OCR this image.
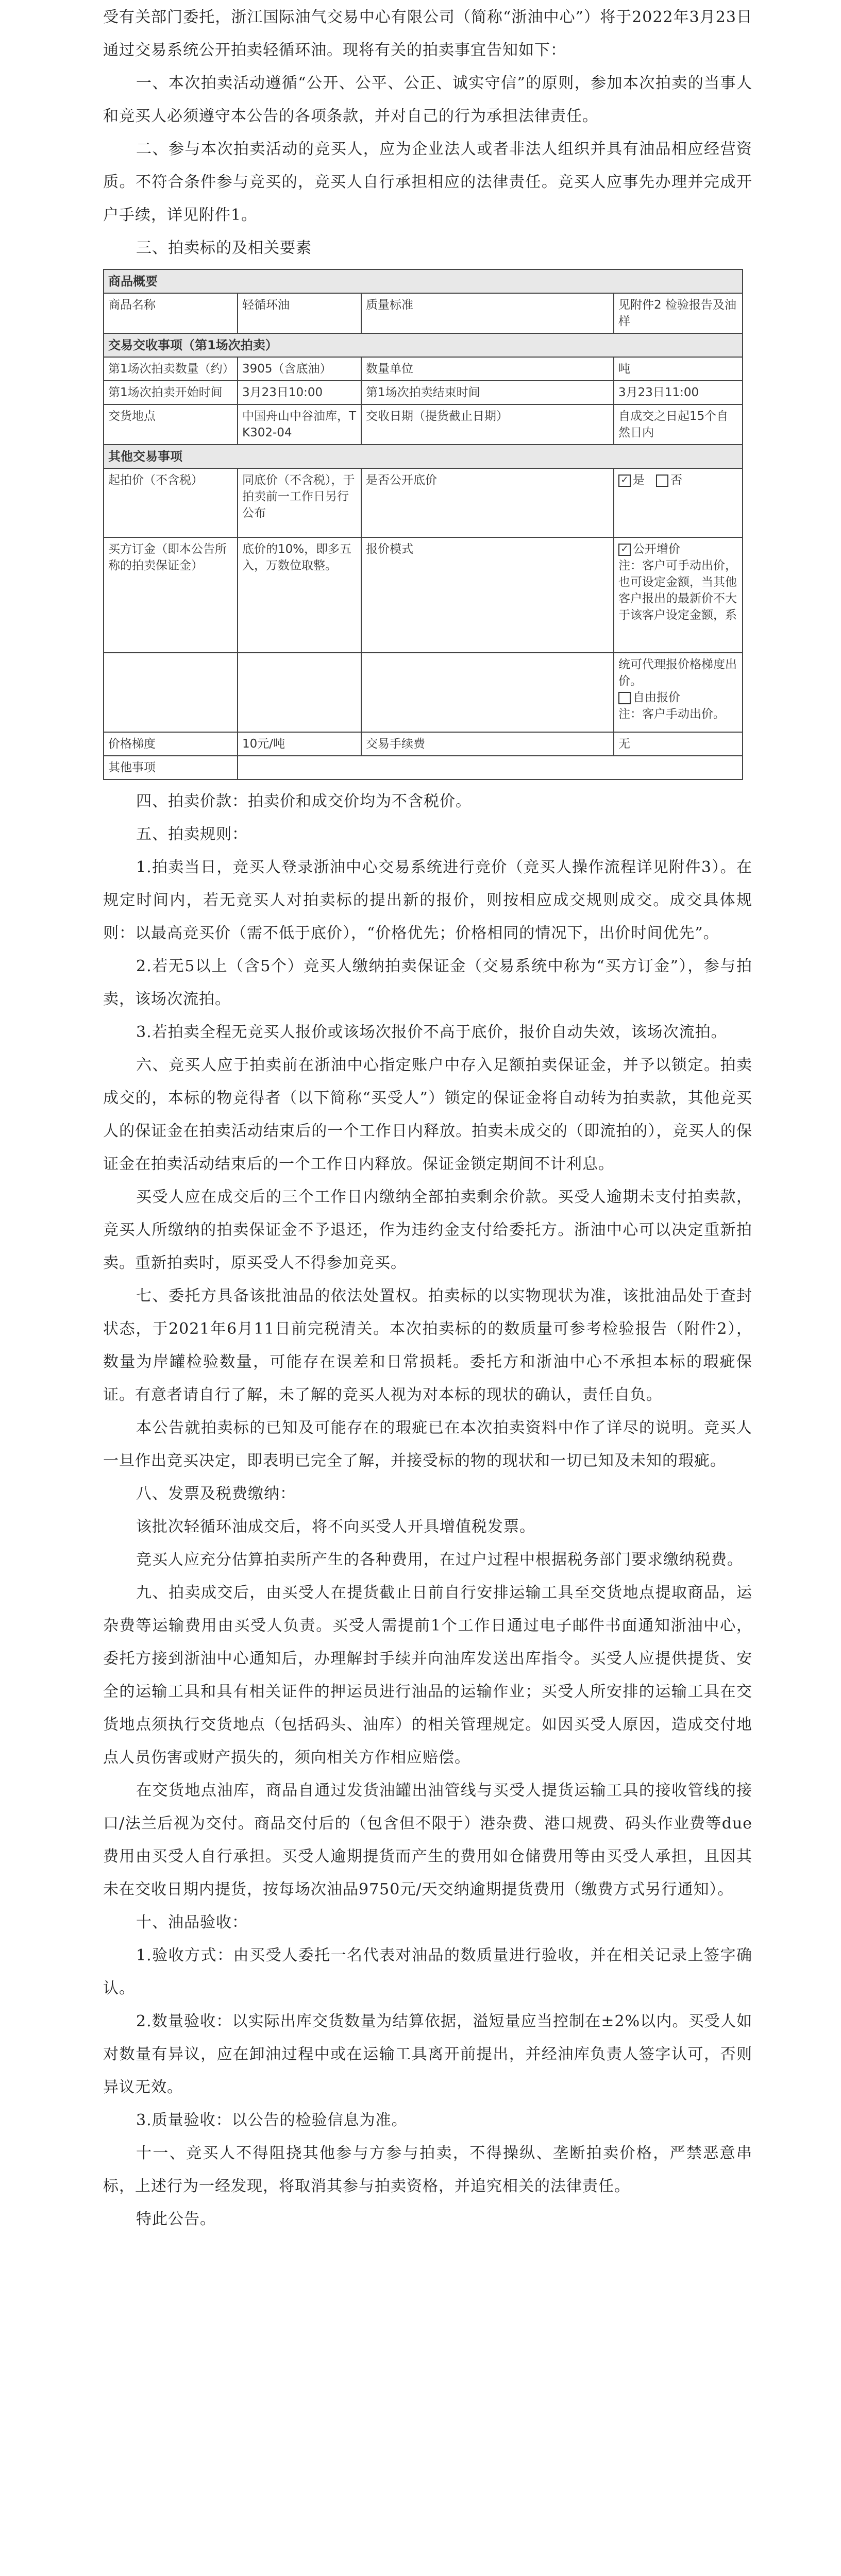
受有关部门委托，浙江国际油气交易中心有限公司（简称“浙油中心”）将于2022年3月23日通过交易系统公开拍卖轻循环油。现将有关的拍卖事宜告知如下：

一、本次拍卖活动遵循“公开、公平、公正、诚实守信”的原则，参加本次拍卖的当事人和竞买人必须遵守本公告的各项条款，并对自己的行为承担法律责任。

二、参与本次拍卖活动的竞买人，应为企业法人或者非法人组织并具有油品相应经营资质。不符合条件参与竞买的，竞买人自行承担相应的法律责任。竞买人应事先办理并完成开户手续，详见附件1。

三、拍卖标的及相关要素

商品概要			
商品名称	轻循环油	质量标准	见附件2 检验报告及油样
交易交收事项（第1场次拍卖）			
第1场次拍卖数量（约）	3905（含底油）	数量单位	吨
第1场次拍卖开始时间	3月23日10:00	第1场次拍卖结束时间	3月23日11:00
交货地点	中国舟山中谷油库，TK302-04	交收日期（提货截止日期）	自成交之日起15个自然日内
其他交易事项			
起拍价（不含税）	同底价（不含税），于拍卖前一工作日另行公布	是否公开底价	✓ 是 否
买方订金（即本公告所称的拍卖保证金）	底价的10%，即多五入，万数位取整。	报价模式	✓ 公开增价
注：客户可手动出价，也可设定金额，当其他客户报出的最新价不大于该客户设定金额，系
			统可代理报价格梯度出价。
自由报价
注：客户手动出价。
价格梯度	10元/吨	交易手续费	无
其他事项			

四、拍卖价款：拍卖价和成交价均为不含税价。

五、拍卖规则：

1.拍卖当日，竞买人登录浙油中心交易系统进行竞价（竞买人操作流程详见附件3）。在规定时间内，若无竞买人对拍卖标的提出新的报价，则按相应成交规则成交。成交具体规则：以最高竞买价（需不低于底价），“价格优先；价格相同的情况下，出价时间优先”。

2.若无5以上（含5个）竞买人缴纳拍卖保证金（交易系统中称为“买方订金”），参与拍卖，该场次流拍。

3.若拍卖全程无竞买人报价或该场次报价不高于底价，报价自动失效，该场次流拍。

六、竞买人应于拍卖前在浙油中心指定账户中存入足额拍卖保证金，并予以锁定。拍卖成交的，本标的物竞得者（以下简称“买受人”）锁定的保证金将自动转为拍卖款，其他竞买人的保证金在拍卖活动结束后的一个工作日内释放。拍卖未成交的（即流拍的），竞买人的保证金在拍卖活动结束后的一个工作日内释放。保证金锁定期间不计利息。

买受人应在成交后的三个工作日内缴纳全部拍卖剩余价款。买受人逾期未支付拍卖款，竞买人所缴纳的拍卖保证金不予退还，作为违约金支付给委托方。浙油中心可以决定重新拍卖。重新拍卖时，原买受人不得参加竞买。

七、委托方具备该批油品的依法处置权。拍卖标的以实物现状为准，该批油品处于查封状态，于2021年6月11日前完税清关。本次拍卖标的的数质量可参考检验报告（附件2），数量为岸罐检验数量，可能存在误差和日常损耗。委托方和浙油中心不承担本标的瑕疵保证。有意者请自行了解，未了解的竞买人视为对本标的现状的确认，责任自负。

本公告就拍卖标的已知及可能存在的瑕疵已在本次拍卖资料中作了详尽的说明。竞买人一旦作出竞买决定，即表明已完全了解，并接受标的物的现状和一切已知及未知的瑕疵。

八、发票及税费缴纳：

该批次轻循环油成交后，将不向买受人开具增值税发票。

竞买人应充分估算拍卖所产生的各种费用，在过户过程中根据税务部门要求缴纳税费。

九、拍卖成交后，由买受人在提货截止日前自行安排运输工具至交货地点提取商品，运杂费等运输费用由买受人负责。买受人需提前1个工作日通过电子邮件书面通知浙油中心，委托方接到浙油中心通知后，办理解封手续并向油库发送出库指令。买受人应提供提货、安全的运输工具和具有相关证件的押运员进行油品的运输作业；买受人所安排的运输工具在交货地点须执行交货地点（包括码头、油库）的相关管理规定。如因买受人原因，造成交付地点人员伤害或财产损失的，须向相关方作相应赔偿。

在交货地点油库，商品自通过发货油罐出油管线与买受人提货运输工具的接收管线的接口/法兰后视为交付。商品交付后的（包含但不限于）港杂费、港口规费、码头作业费等due费用由买受人自行承担。买受人逾期提货而产生的费用如仓储费用等由买受人承担，且因其未在交收日期内提货，按每场次油品9750元/天交纳逾期提货费用（缴费方式另行通知）。

十、油品验收：

1.验收方式：由买受人委托一名代表对油品的数质量进行验收，并在相关记录上签字确认。

2.数量验收：以实际出库交货数量为结算依据，溢短量应当控制在±2%以内。买受人如对数量有异议，应在卸油过程中或在运输工具离开前提出，并经油库负责人签字认可，否则异议无效。

3.质量验收：以公告的检验信息为准。

十一、竞买人不得阻挠其他参与方参与拍卖，不得操纵、垄断拍卖价格，严禁恶意串标，上述行为一经发现，将取消其参与拍卖资格，并追究相关的法律责任。

特此公告。
